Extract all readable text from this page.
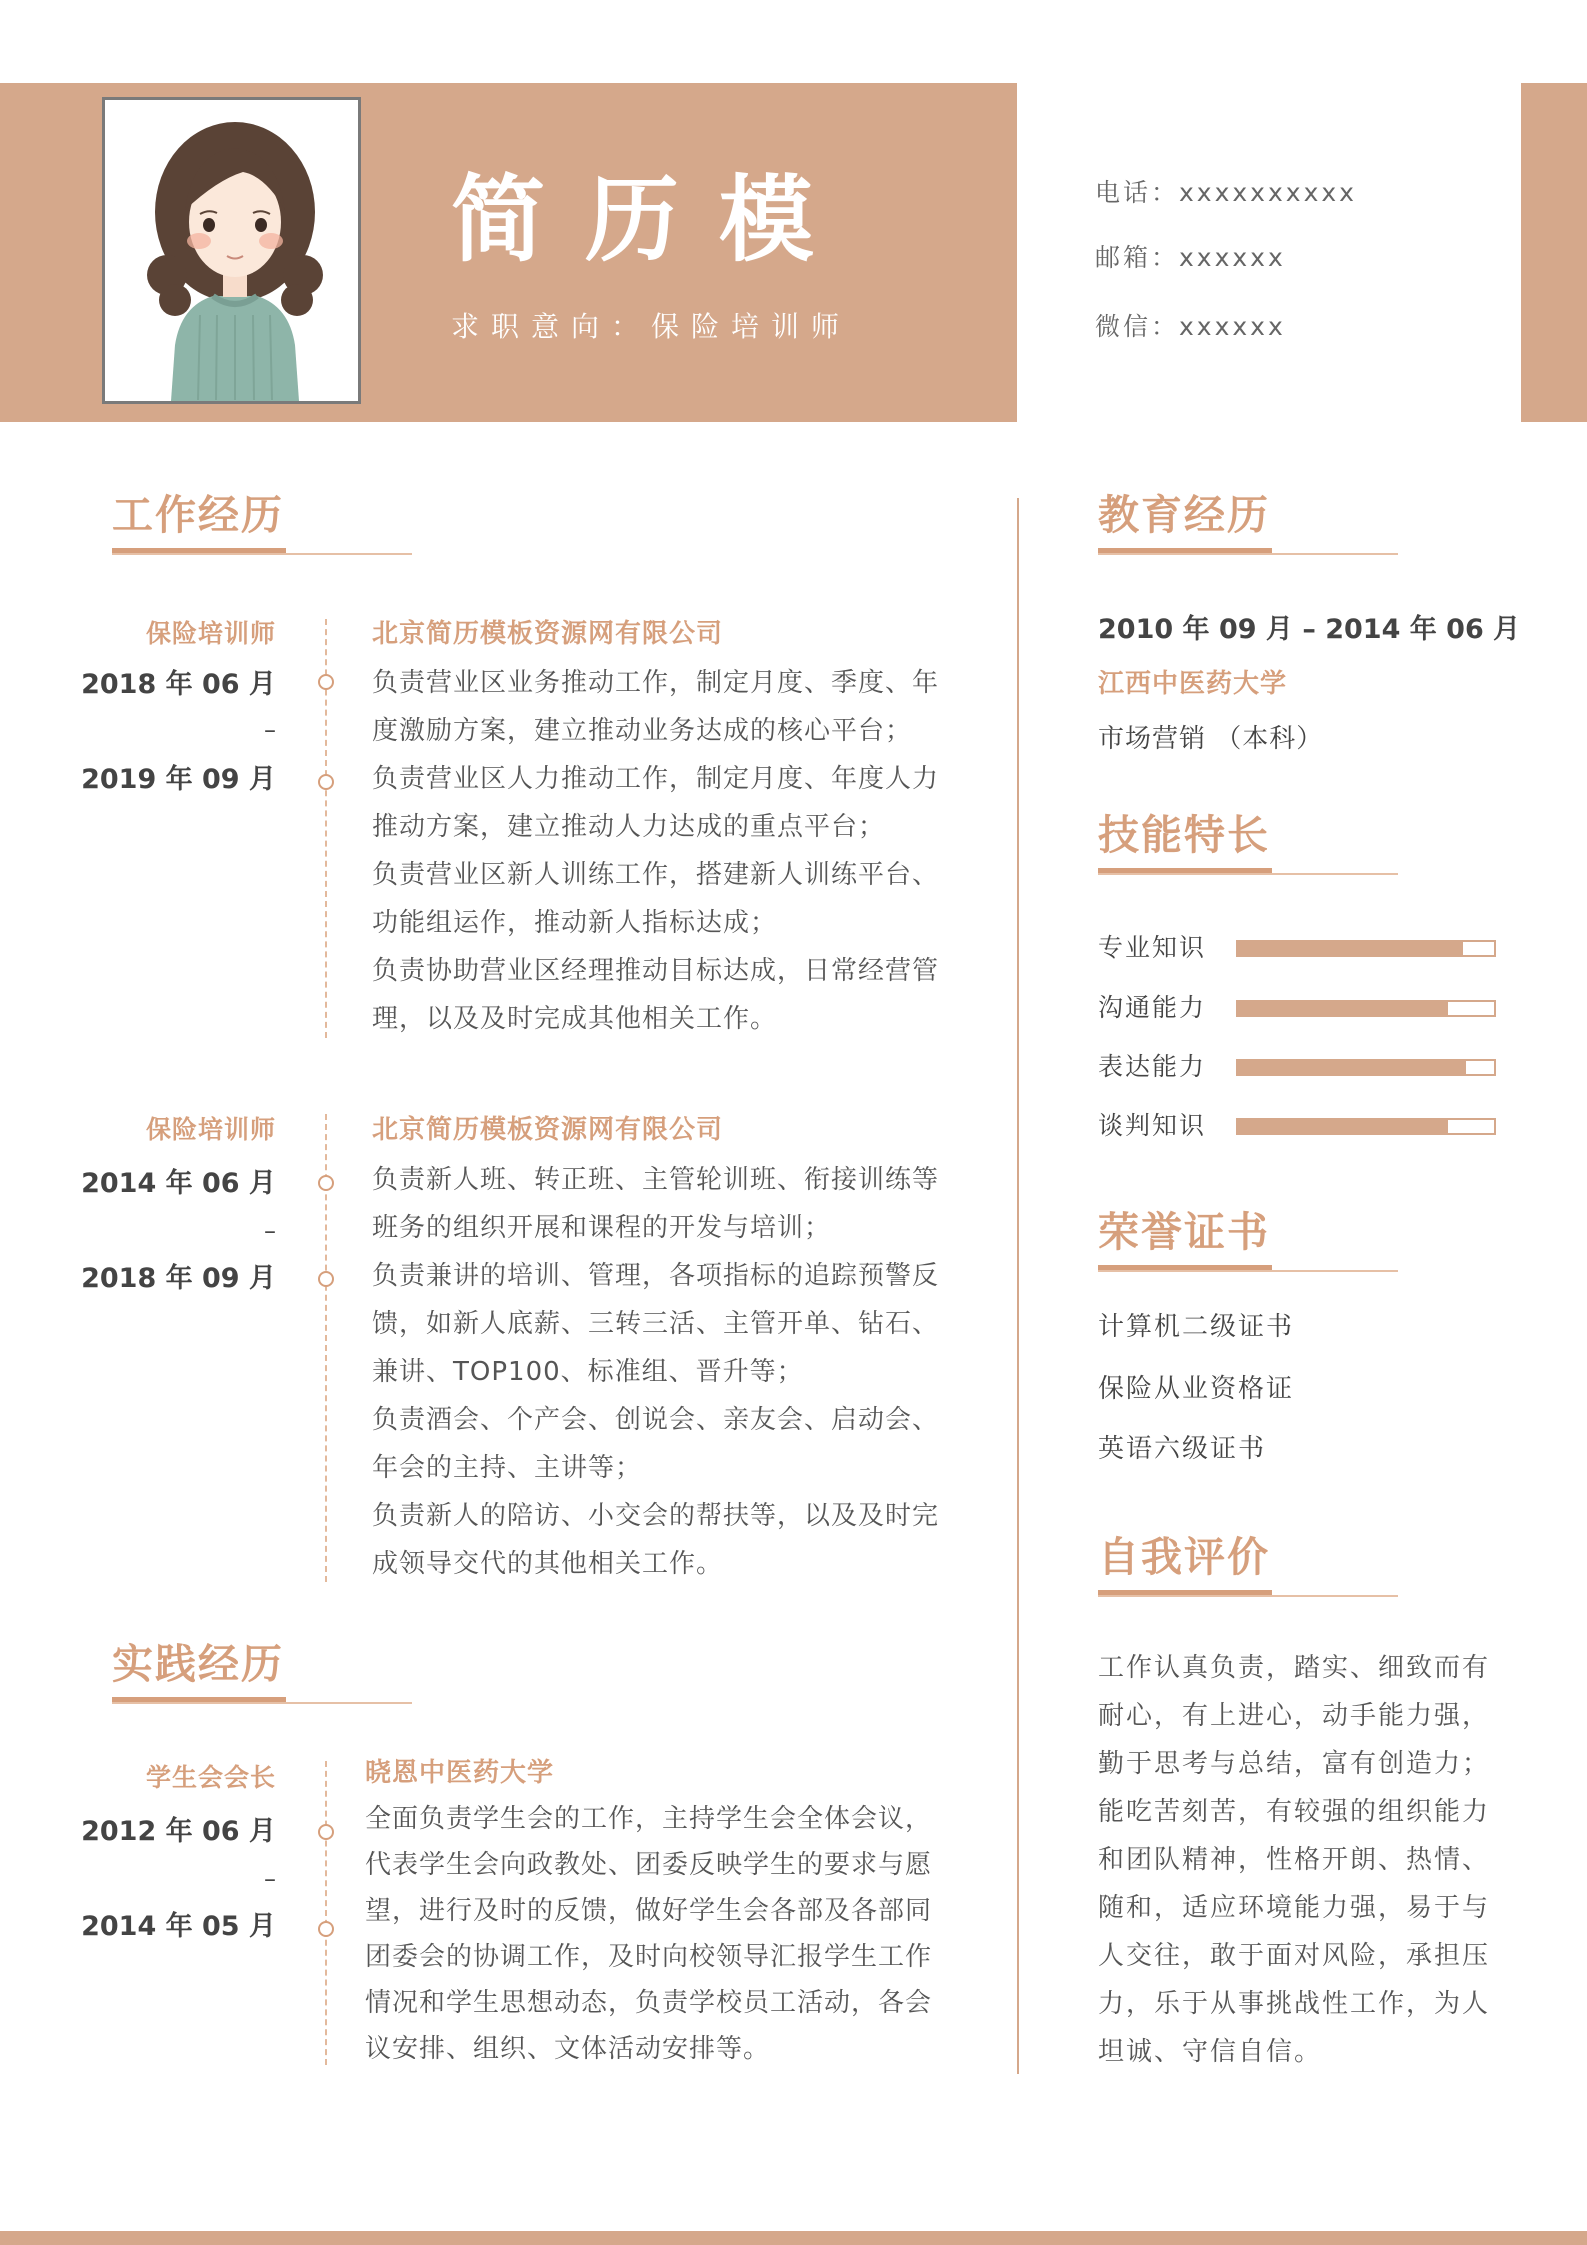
简历模
求职意向：保险培训师
电话：xxxxxxxxxx
邮箱：xxxxxx
微信：xxxxxx
工作经历
保险培训师
2018 年 06 月
–
2019 年 09 月
北京简历模板资源网有限公司
负责营业区业务推动工作，制定月度、季度、年
度激励方案，建立推动业务达成的核心平台；
负责营业区人力推动工作，制定月度、年度人力
推动方案，建立推动人力达成的重点平台；
负责营业区新人训练工作，搭建新人训练平台、
功能组运作，推动新人指标达成；
负责协助营业区经理推动目标达成，日常经营管
理，以及及时完成其他相关工作。
保险培训师
2014 年 06 月
–
2018 年 09 月
北京简历模板资源网有限公司
负责新人班、转正班、主管轮训班、衔接训练等
班务的组织开展和课程的开发与培训；
负责兼讲的培训、管理，各项指标的追踪预警反
馈，如新人底薪、三转三活、主管开单、钻石、
兼讲、TOP100、标准组、晋升等；
负责酒会、个产会、创说会、亲友会、启动会、
年会的主持、主讲等；
负责新人的陪访、小交会的帮扶等，以及及时完
成领导交代的其他相关工作。
实践经历
学生会会长
2012 年 06 月
–
2014 年 05 月
晓恩中医药大学
全面负责学生会的工作，主持学生会全体会议，
代表学生会向政教处、团委反映学生的要求与愿
望，进行及时的反馈，做好学生会各部及各部同
团委会的协调工作，及时向校领导汇报学生工作
情况和学生思想动态，负责学校员工活动，各会
议安排、组织、文体活动安排等。
教育经历
2010 年 09 月 – 2014 年 06 月
江西中医药大学
市场营销 （本科）
技能特长
专业知识
沟通能力
表达能力
谈判知识
荣誉证书
计算机二级证书
保险从业资格证
英语六级证书
自我评价
工作认真负责，踏实、细致而有
耐心，有上进心，动手能力强，
勤于思考与总结，富有创造力；
能吃苦刻苦，有较强的组织能力
和团队精神，性格开朗、热情、
随和，适应环境能力强，易于与
人交往，敢于面对风险，承担压
力，乐于从事挑战性工作，为人
坦诚、守信自信。
